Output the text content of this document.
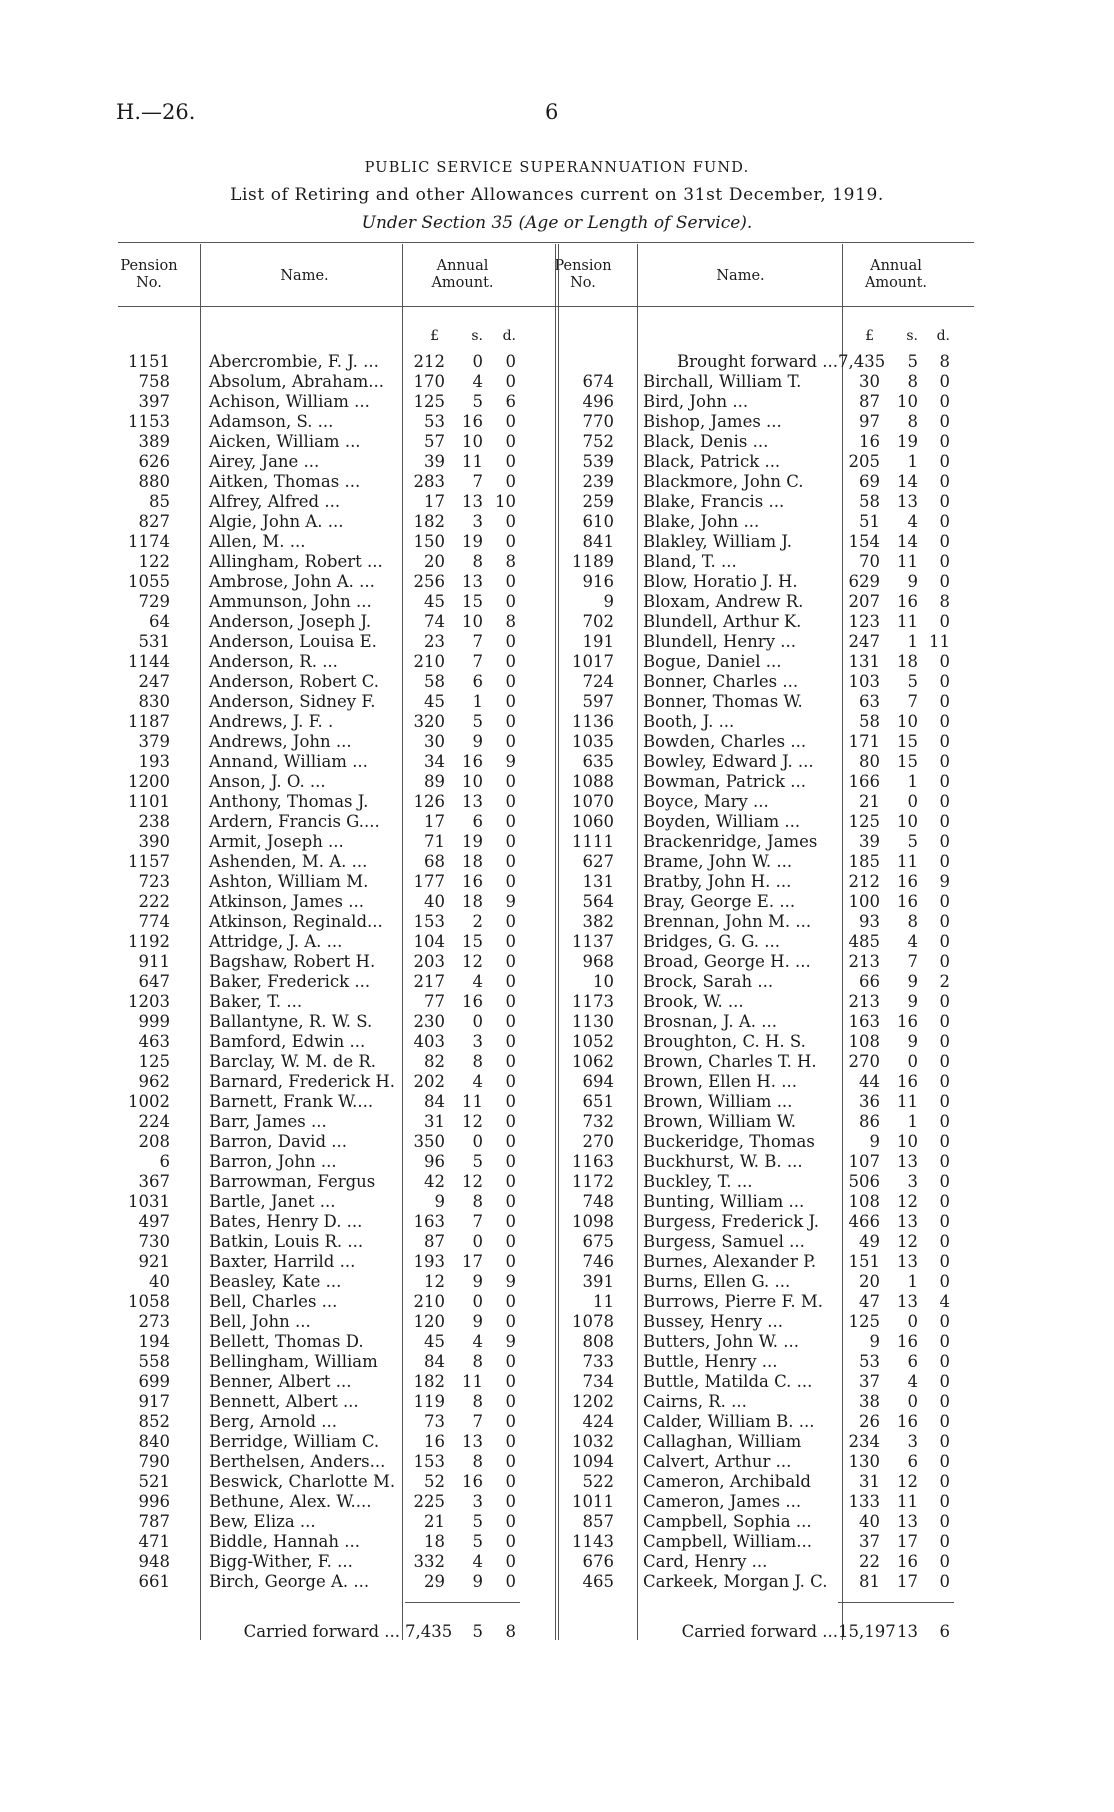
H.—26.	6
PUBLIC SERVICE SUPERANNUATION FUND.
List of Retiring and other Allowances current on 31st December, 1919.
Under Section 35 (Age or Length of Service).
Pension
No.	Name.
Annual
Amount.
Pension
No.	Name.
Annual
Amount.
£	s.	d.	£	s.	d.
1151 Abercrombie, F. J. ...	212	0	0
758 Absolum, Abraham...	170	4	0
397 Achison, William ...	125	5	6
1153 Adamson, S. ...	53	16	0
389 Aicken, William ...	57	10	0
626 Airey, Jane ...	39	11	0
880 Aitken, Thomas ...	283	7	0
85 Alfrey, Alfred ...	17	13 10
827 Algie, John A. ...	182	3	0
1174 Allen, M. ...	150	19	0
122 Allingham, Robert ...	20	8	8
1055 Ambrose, John A. ...	256	13	0
729 Ammunson, John ...	45	15	0
64 Anderson, Joseph J.	74	10	8
531 Anderson, Louisa E.	23	7	0
1144 Anderson, R. ...	210	7	0
247 Anderson, Robert C.	58	6	0
830 Anderson, Sidney F.	45	1	0
1187 Andrews, J. F. .	320	5	0
379 Andrews, John ...	30	9	0
193 Annand, William ...	34	16	9
1200 Anson, J. O. ...	89	10	0
1101 Anthony, Thomas J.	126	13	0
238 Ardern, Francis G....	17	6	0
390 Armit, Joseph ...	71	19	0
1157 Ashenden, M. A. ...	68	18	0
723 Ashton, William M.	177	16	0
222 Atkinson, James ...	40	18	9
774 Atkinson, Reginald...	153	2	0
1192 Attridge, J. A. ...	104	15	0
911 Bagshaw, Robert H.	203	12	0
647 Baker, Frederick ...	217	4	0
1203 Baker, T. ...	77	16	0
999 Ballantyne, R. W. S.	230	0	0
463 Bamford, Edwin ...	403	3	0
125 Barclay, W. M. de R.	82	8	0
962 Barnard, Frederick H.	202	4	0
1002 Barnett, Frank W....	84	11	0
224 Barr, James ...	31	12	0
208 Barron, David ...	350	0	0
6 Barron, John ...	96	5	0
367 Barrowman, Fergus	42	12	0
1031 Bartle, Janet ...	9	8	0
497 Bates, Henry D. ...	163	7	0
730 Batkin, Louis R. ...	87	0	0
921 Baxter, Harrild ...	193	17	0
40 Beasley, Kate ...	12	9	9
1058 Bell, Charles ...	210	0	0
273 Bell, John ...	120	9	0
194 Bellett, Thomas D.	45	4	9
558 Bellingham, William	84	8	0
699 Benner, Albert ...	182	11	0
917 Bennett, Albert ...	119	8	0
852 Berg, Arnold ...	73	7	0
840 Berridge, William C.	16	13	0
790 Berthelsen, Anders...	153	8	0
521 Beswick, Charlotte M.	52	16	0
996 Bethune, Alex. W....	225	3	0
787 Bew, Eliza ...	21	5	0
471 Biddle, Hannah ...	18	5	0
948 Bigg-Wither, F. ...	332	4	0
661 Birch, George A. ...	29	9	0
Brought forward ... 7,435	5	8
674 Birchall, William T.	30	8	0
496 Bird, John ...	87	10	0
770 Bishop, James ...	97	8	0
752 Black, Denis ...	16	19	0
539 Black, Patrick ...	205	1	0
239 Blackmore, John C.	69	14	0
259 Blake, Francis ...	58	13	0
610 Blake, John ...	51	4	0
841 Blakley, William J.	154	14	0
1189 Bland, T. ...	70	11	0
916 Blow, Horatio J. H.	629	9	0
9 Bloxam, Andrew R.	207	16	8
702 Blundell, Arthur K.	123	11	0
191 Blundell, Henry ...	247	1 11
1017 Bogue, Daniel ...	131	18	0
724 Bonner, Charles ...	103	5	0
597 Bonner, Thomas W.	63	7	0
1136 Booth, J. ...	58	10	0
1035 Bowden, Charles ...	171	15	0
635 Bowley, Edward J. ...	80	15	0
1088 Bowman, Patrick ...	166	1	0
1070 Boyce, Mary ...	21	0	0
1060 Boyden, William ...	125	10	0
1111 Brackenridge, James	39	5	0
627 Brame, John W. ...	185	11	0
131 Bratby, John H. ...	212	16	9
564 Bray, George E. ...	100	16	0
382 Brennan, John M. ...	93	8	0
1137 Bridges, G. G. ...	485	4	0
968 Broad, George H. ...	213	7	0
10 Brock, Sarah ...	66	9	2
1173 Brook, W. ...	213	9	0
1130 Brosnan, J. A. ...	163	16	0
1052 Broughton, C. H. S.	108	9	0
1062 Brown, Charles T. H.	270	0	0
694 Brown, Ellen H. ...	44	16	0
651 Brown, William ...	36	11	0
732 Brown, William W.	86	1	0
270 Buckeridge, Thomas	9	10	0
1163 Buckhurst, W. B. ...	107	13	0
1172 Buckley, T. ...	506	3	0
748 Bunting, William ...	108	12	0
1098 Burgess, Frederick J.	466	13	0
675 Burgess, Samuel ...	49	12	0
746 Burnes, Alexander P.	151	13	0
391 Burns, Ellen G. ...	20	1	0
11 Burrows, Pierre F. M.	47	13	4
1078 Bussey, Henry ...	125	0	0
808 Butters, John W. ...	9	16	0
733 Buttle, Henry ...	53	6	0
734 Buttle, Matilda C. ...	37	4	0
1202 Cairns, R. ...	38	0	0
424 Calder, William B. ...	26	16	0
1032 Callaghan, William	234	3	0
1094 Calvert, Arthur ...	130	6	0
522 Cameron, Archibald	31	12	0
1011 Cameron, James ...	133	11	0
857 Campbell, Sophia ...	40	13	0
1143 Campbell, William...	37	17	0
676 Card, Henry ...	22	16	0
465 Carkeek, Morgan J. C.	81	17	0
Carried forward ... 7,435	5	8	Carried forward ... 15,197 13	6
